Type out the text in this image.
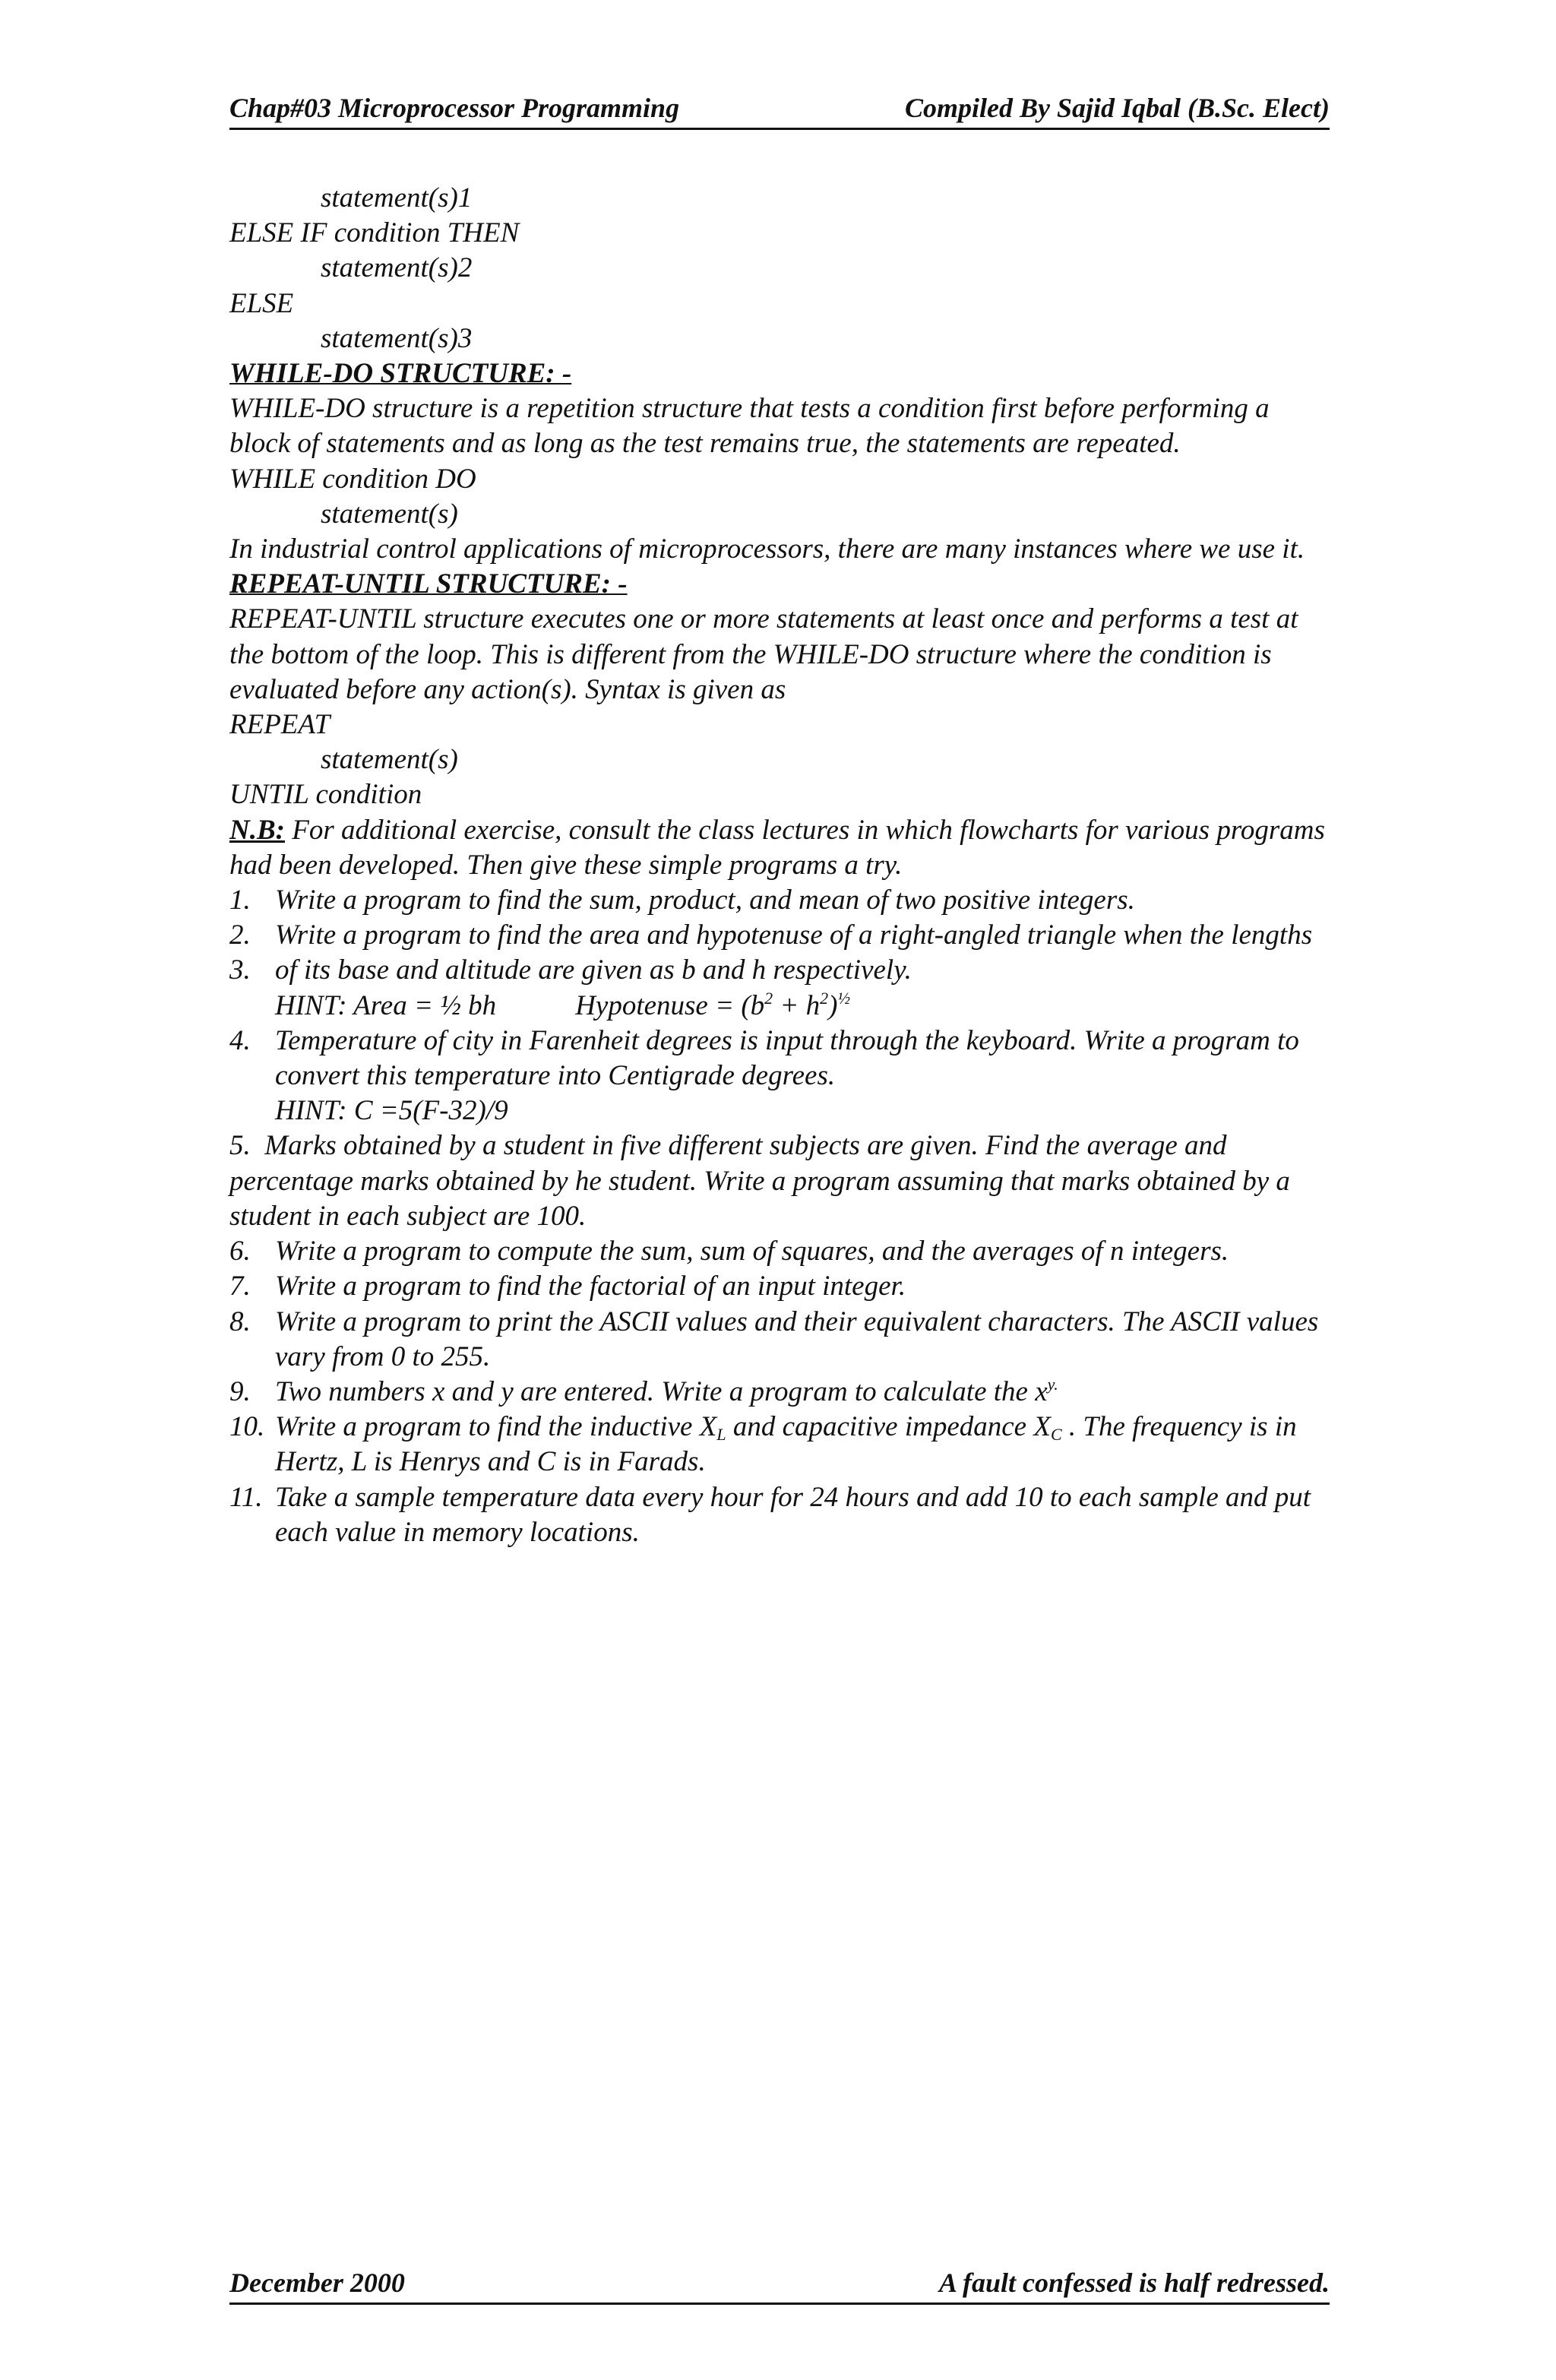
Chap#03 Microprocessor Programming	Compiled By Sajid Iqbal (B.Sc. Elect)

statement(s)1

ELSE IF condition THEN

statement(s)2

ELSE

statement(s)3

WHILE-DO STRUCTURE: -

WHILE-DO structure is a repetition structure that tests a condition first before performing a block of statements and as long as the test remains true, the statements are repeated.

WHILE condition DO

statement(s)

In industrial control applications of microprocessors, there are many instances where we use it.

REPEAT-UNTIL STRUCTURE: -

REPEAT-UNTIL structure executes one or more statements at least once and performs a test at the bottom of the loop. This is different from the WHILE-DO structure where the condition is evaluated before any action(s). Syntax is given as

REPEAT

statement(s)

UNTIL condition

N.B: For additional exercise, consult the class lectures in which flowcharts for various programs had been developed. Then give these simple programs a try.

1. Write a program to find the sum, product, and mean of two positive integers.
2. Write a program to find the area and hypotenuse of a right-angled triangle when the lengths
3. of its base and altitude are given as b and h respectively.
HINT: Area = ½ bh	Hypotenuse = $(b^2 + h^2)^{\frac{1}{2}}$
4. Temperature of city in Farenheit degrees is input through the keyboard. Write a program to convert this temperature into Centigrade degrees.
HINT: C =5(F-32)/9

5. Marks obtained by a student in five different subjects are given. Find the average and percentage marks obtained by he student. Write a program assuming that marks obtained by a student in each subject are 100.

6. Write a program to compute the sum, sum of squares, and the averages of n integers.
7. Write a program to find the factorial of an input integer.
8. Write a program to print the ASCII values and their equivalent characters. The ASCII values vary from 0 to 255.
9. Two numbers x and y are entered. Write a program to calculate the $x^{y.}$
10. Write a program to find the inductive $X_L$ and capacitive impedance $X_C$ . The frequency is in Hertz, L is Henrys and C is in Farads.
11. Take a sample temperature data every hour for 24 hours and add 10 to each sample and put each value in memory locations.
December 2000	A fault confessed is half redressed.
